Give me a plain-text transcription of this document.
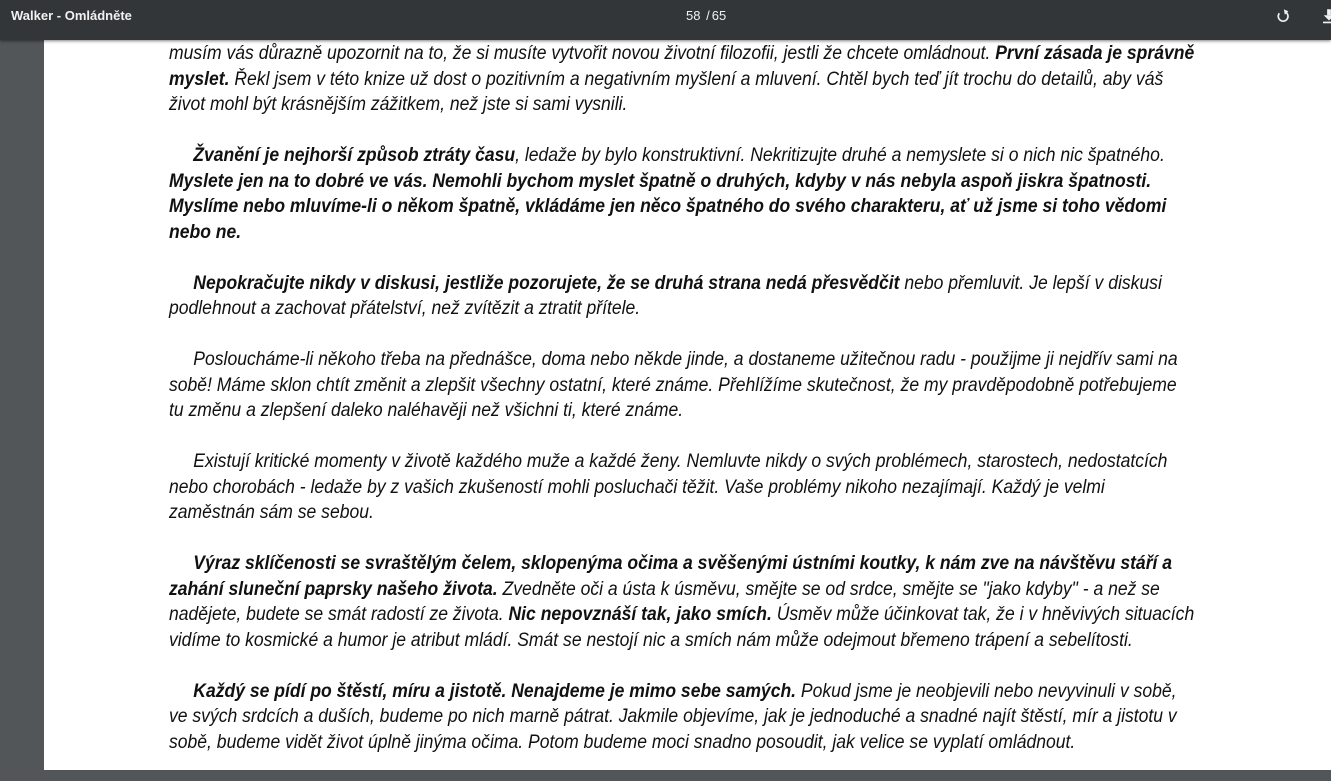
Walker - Omládněte	58 / 65

musím vás důrazně upozornit na to, že si musíte vytvořit novou životní filozofii, jestli že chcete omládnout. První zásada je správně myslet. Řekl jsem v této knize už dost o pozitivním a negativním myšlení a mluvení. Chtěl bych teď jít trochu do detailů, aby váš život mohl být krásnějším zážitkem, než jste si sami vysnili.

Žvanění je nejhorší způsob ztráty času, ledaže by bylo konstruktivní. Nekritizujte druhé a nemyslete si o nich nic špatného. Myslete jen na to dobré ve vás. Nemohli bychom myslet špatně o druhých, kdyby v nás nebyla aspoň jiskra špatnosti. Myslíme nebo mluvíme-li o někom špatně, vkládáme jen něco špatného do svého charakteru, ať už jsme si toho vědomi nebo ne.

Nepokračujte nikdy v diskusi, jestliže pozorujete, že se druhá strana nedá přesvědčit nebo přemluvit. Je lepší v diskusi podlehnout a zachovat přátelství, než zvítězit a ztratit přítele.

Posloucháme-li někoho třeba na přednášce, doma nebo někde jinde, a dostaneme užitečnou radu - použijme ji nejdřív sami na sobě! Máme sklon chtít změnit a zlepšit všechny ostatní, které známe. Přehlížíme skutečnost, že my pravděpodobně potřebujeme tu změnu a zlepšení daleko naléhavěji než všichni ti, které známe.

Existují kritické momenty v životě každého muže a každé ženy. Nemluvte nikdy o svých problémech, starostech, nedostatcích nebo chorobách - ledaže by z vašich zkušeností mohli posluchači těžit. Vaše problémy nikoho nezajímají. Každý je velmi zaměstnán sám se sebou.

Výraz sklíčenosti se svraštělým čelem, sklopenýma očima a svěšenými ústními koutky, k nám zve na návštěvu stáří a zahání sluneční paprsky našeho života. Zvedněte oči a ústa k úsměvu, smějte se od srdce, smějte se "jako kdyby" - a než se nadějete, budete se smát radostí ze života. Nic nepovznáší tak, jako smích. Úsměv může účinkovat tak, že i v hněvivých situacích vidíme to kosmické a humor je atribut mládí. Smát se nestojí nic a smích nám může odejmout břemeno trápení a sebelítosti.

Každý se pídí po štěstí, míru a jistotě. Nenajdeme je mimo sebe samých. Pokud jsme je neobjevili nebo nevyvinuli v sobě, ve svých srdcích a duších, budeme po nich marně pátrat. Jakmile objevíme, jak je jednoduché a snadné najít štěstí, mír a jistotu v sobě, budeme vidět život úplně jinýma očima. Potom budeme moci snadno posoudit, jak velice se vyplatí omládnout.
